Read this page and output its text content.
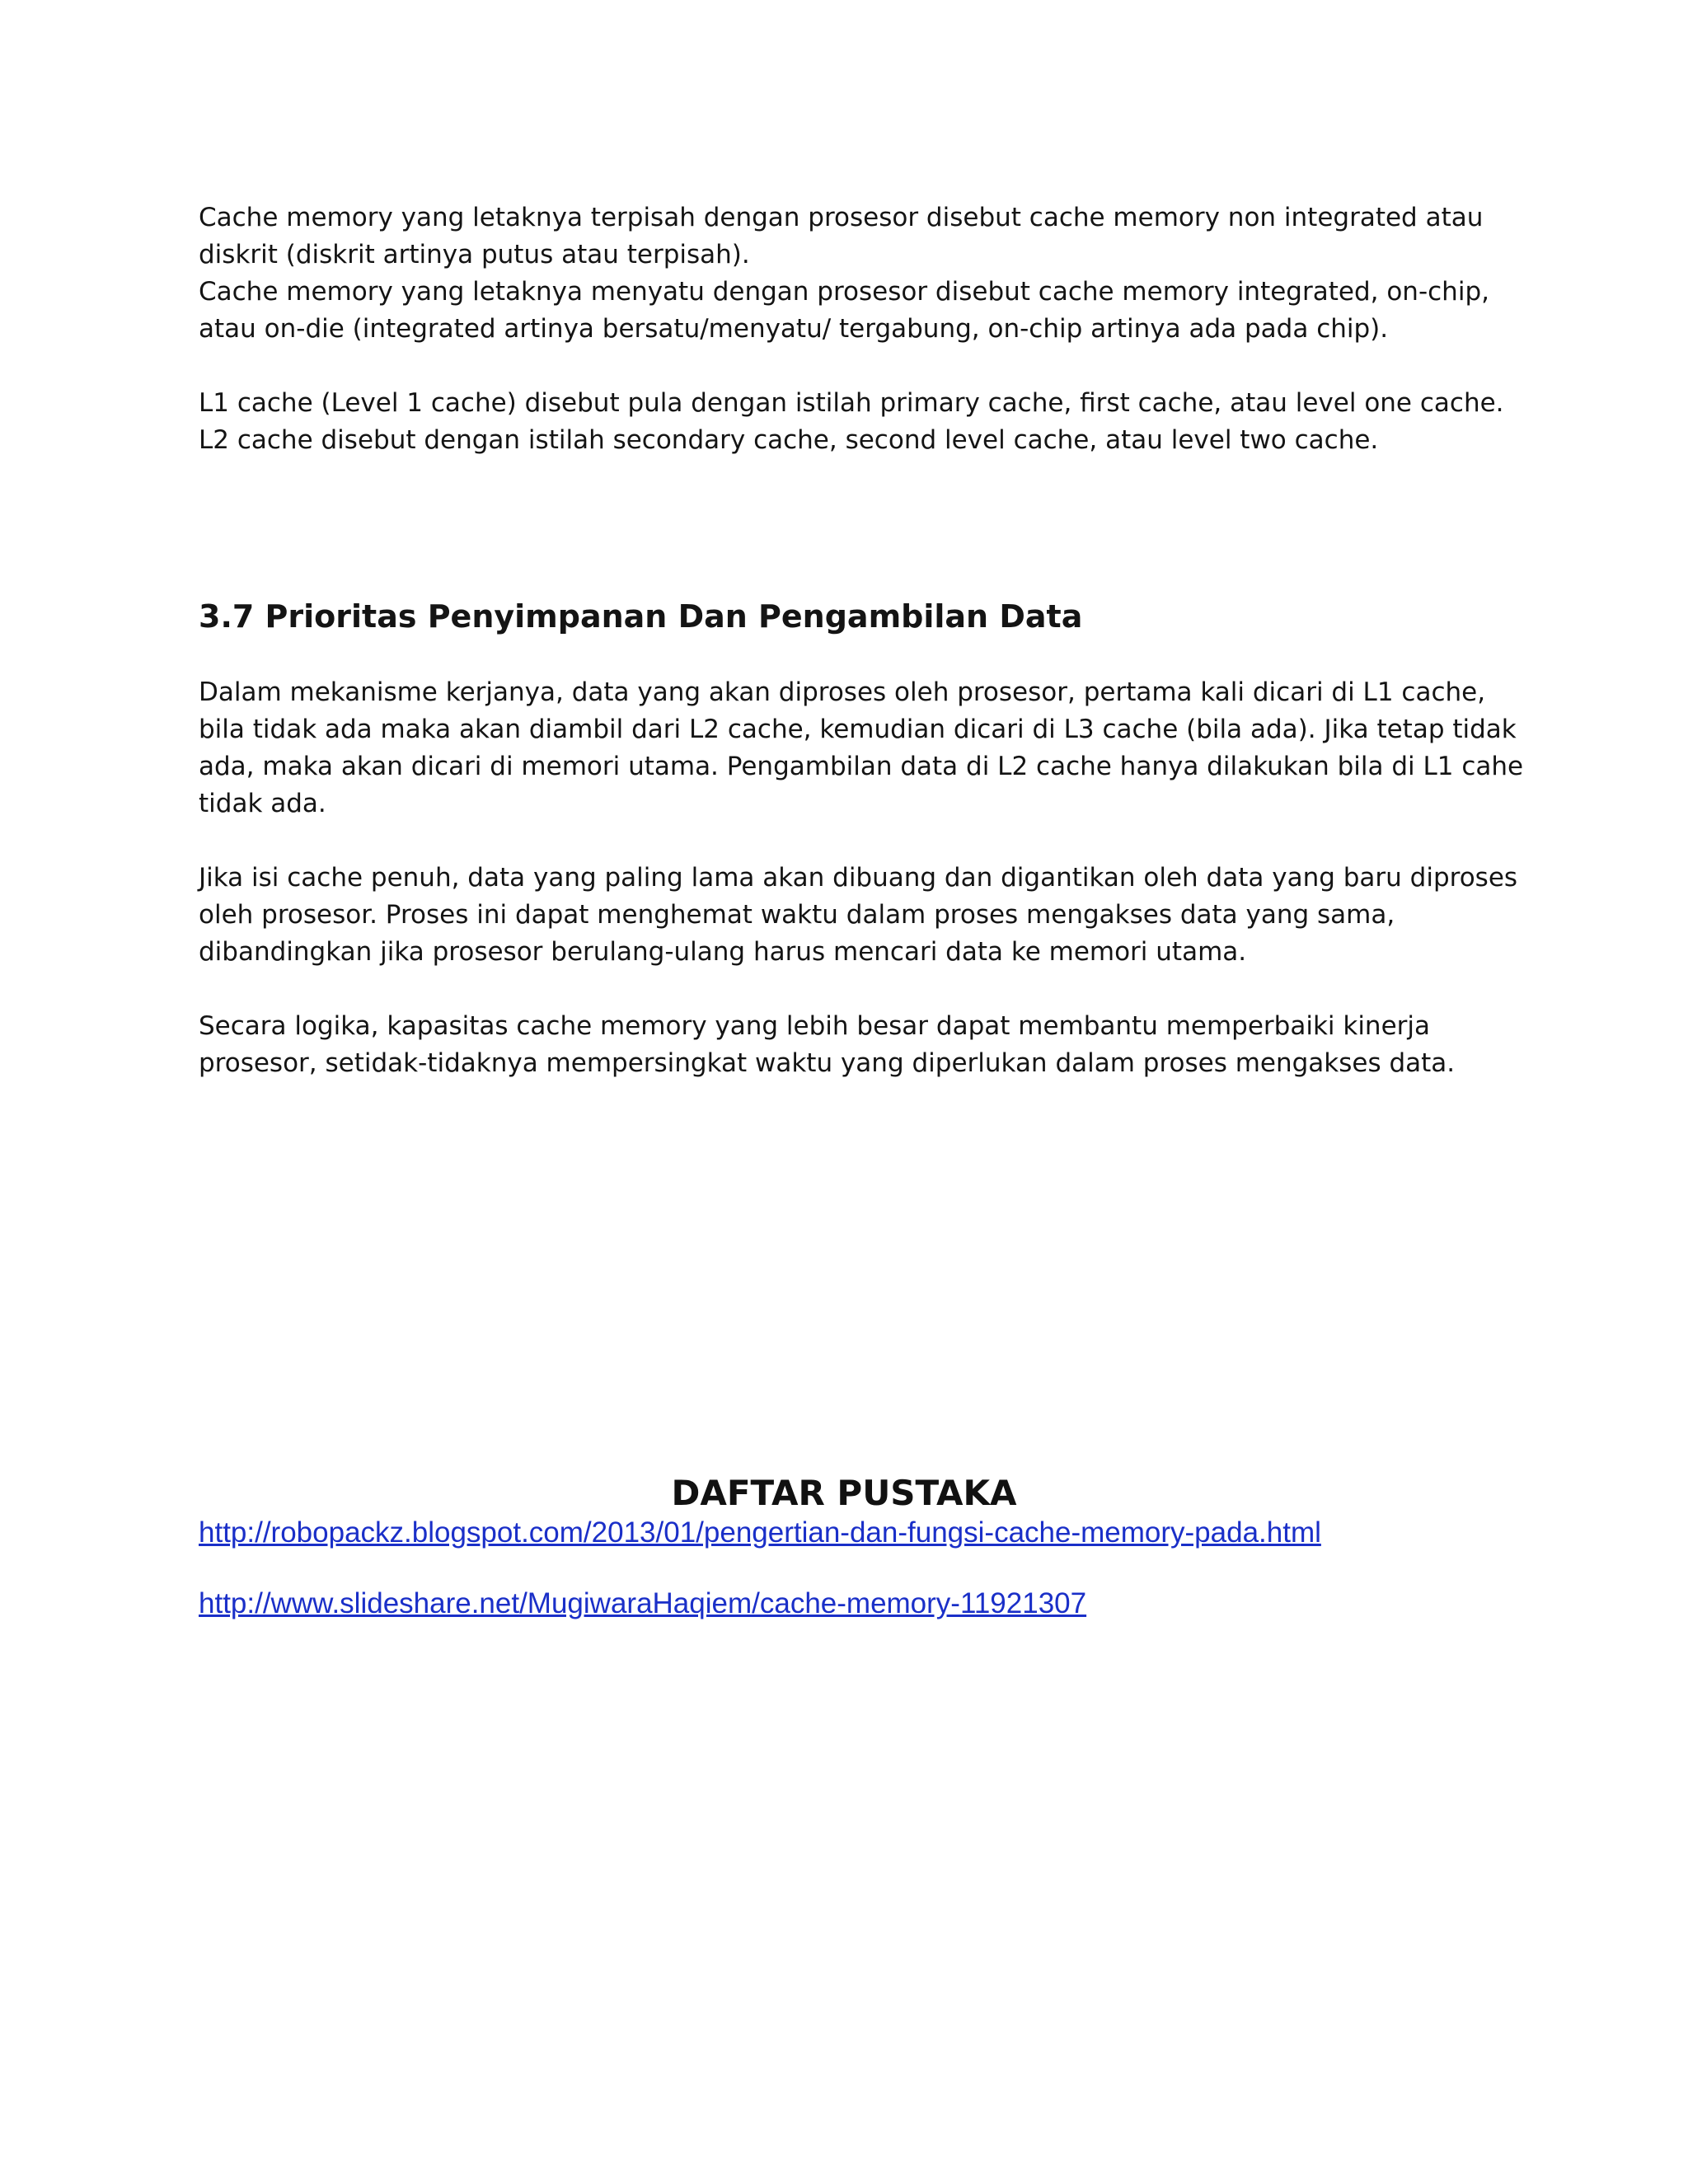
Cache memory yang letaknya terpisah dengan prosesor disebut cache memory non integrated atau

diskrit (diskrit artinya putus atau terpisah).

Cache memory yang letaknya menyatu dengan prosesor disebut cache memory integrated, on-chip,

atau on-die (integrated artinya bersatu/menyatu/ tergabung, on-chip artinya ada pada chip).

L1 cache (Level 1 cache) disebut pula dengan istilah primary cache, first cache, atau level one cache.

L2 cache disebut dengan istilah secondary cache, second level cache, atau level two cache.

3.7 Prioritas Penyimpanan Dan Pengambilan Data

Dalam mekanisme kerjanya, data yang akan diproses oleh prosesor, pertama kali dicari di L1 cache,

bila tidak ada maka akan diambil dari L2 cache, kemudian dicari di L3 cache (bila ada). Jika tetap tidak

ada, maka akan dicari di memori utama. Pengambilan data di L2 cache hanya dilakukan bila di L1 cahe

tidak ada.

Jika isi cache penuh, data yang paling lama akan dibuang dan digantikan oleh data yang baru diproses

oleh prosesor. Proses ini dapat menghemat waktu dalam proses mengakses data yang sama,

dibandingkan jika prosesor berulang-ulang harus mencari data ke memori utama.

Secara logika, kapasitas cache memory yang lebih besar dapat membantu memperbaiki kinerja

prosesor, setidak-tidaknya mempersingkat waktu yang diperlukan dalam proses mengakses data.

DAFTAR PUSTAKA
http://robopackz.blogspot.com/2013/01/pengertian-dan-fungsi-cache-memory-pada.html
http://www.slideshare.net/MugiwaraHaqiem/cache-memory-11921307
